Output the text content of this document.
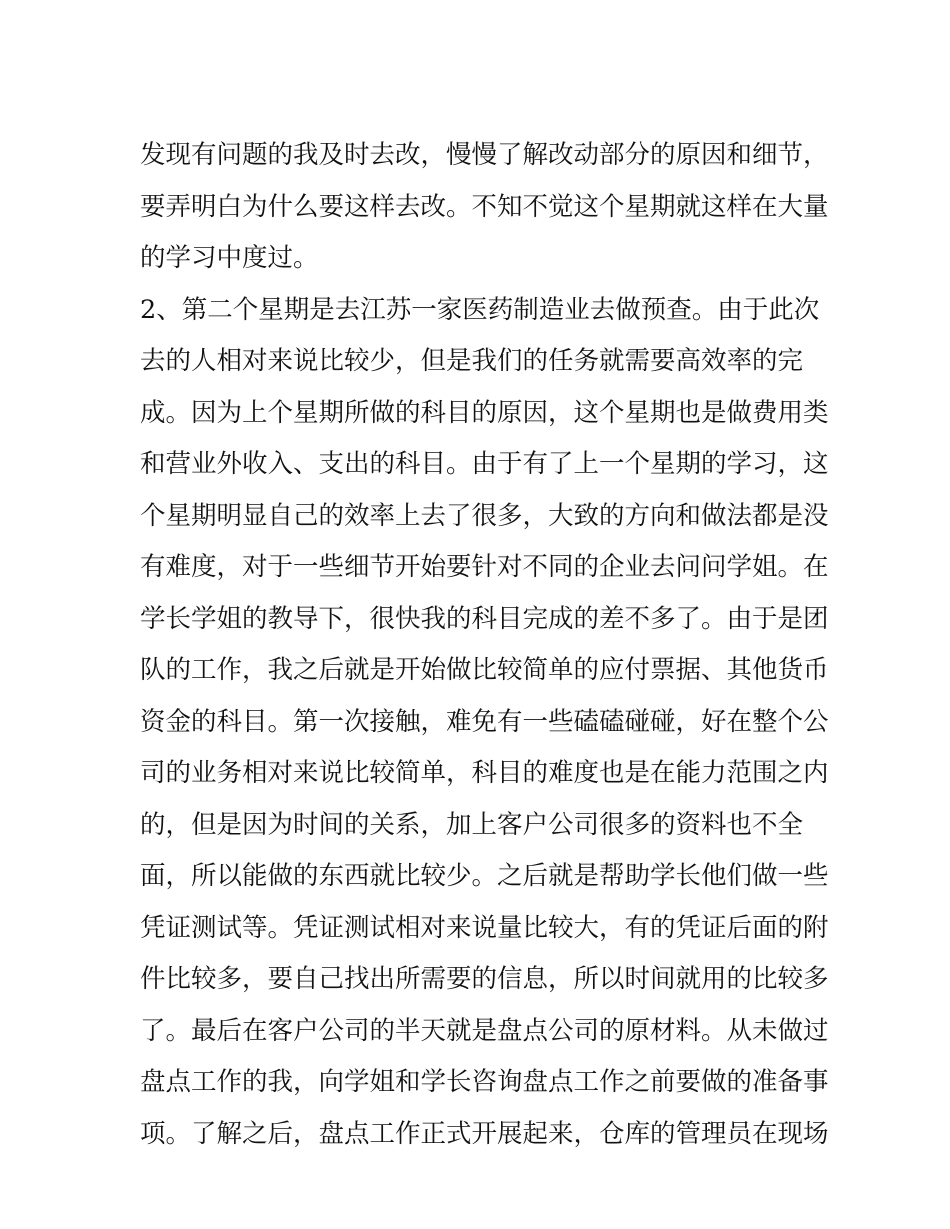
发现有问题的我及时去改，慢慢了解改动部分的原因和细节，
要弄明白为什么要这样去改。不知不觉这个星期就这样在大量
的学习中度过。
2、第二个星期是去江苏一家医药制造业去做预查。由于此次
去的人相对来说比较少，但是我们的任务就需要高效率的完
成。因为上个星期所做的科目的原因，这个星期也是做费用类
和营业外收入、支出的科目。由于有了上一个星期的学习，这
个星期明显自己的效率上去了很多，大致的方向和做法都是没
有难度，对于一些细节开始要针对不同的企业去问问学姐。在
学长学姐的教导下，很快我的科目完成的差不多了。由于是团
队的工作，我之后就是开始做比较简单的应付票据、其他货币
资金的科目。第一次接触，难免有一些磕磕碰碰，好在整个公
司的业务相对来说比较简单，科目的难度也是在能力范围之内
的，但是因为时间的关系，加上客户公司很多的资料也不全
面，所以能做的东西就比较少。之后就是帮助学长他们做一些
凭证测试等。凭证测试相对来说量比较大，有的凭证后面的附
件比较多，要自己找出所需要的信息，所以时间就用的比较多
了。最后在客户公司的半天就是盘点公司的原材料。从未做过
盘点工作的我，向学姐和学长咨询盘点工作之前要做的准备事
项。了解之后，盘点工作正式开展起来，仓库的管理员在现场
